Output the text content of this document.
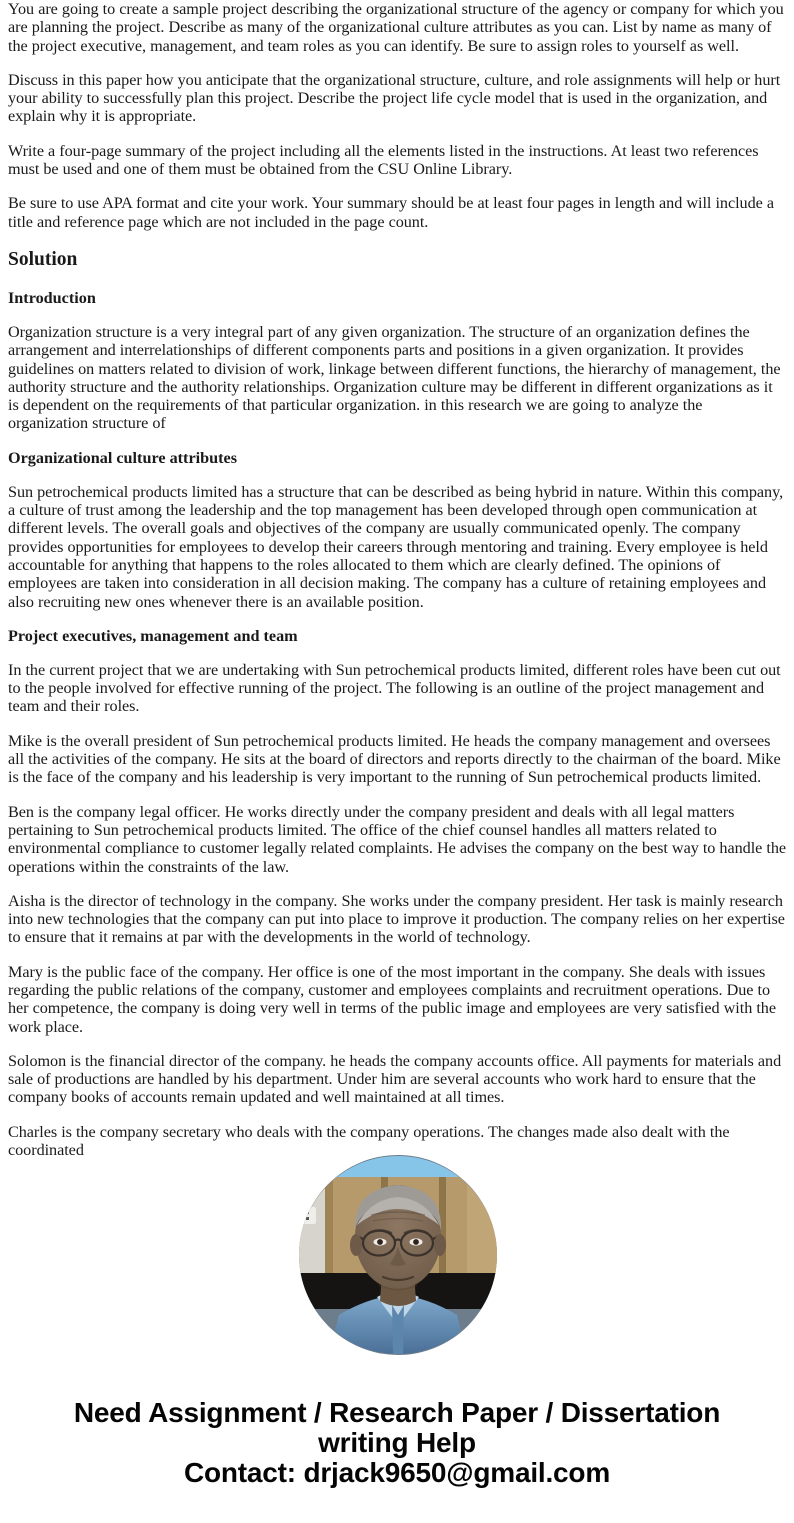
You are going to create a sample project describing the organizational structure of the agency or company for which you are planning the project. Describe as many of the organizational culture attributes as you can. List by name as many of the project executive, management, and team roles as you can identify. Be sure to assign roles to yourself as well.

Discuss in this paper how you anticipate that the organizational structure, culture, and role assignments will help or hurt your ability to successfully plan this project. Describe the project life cycle model that is used in the organization, and explain why it is appropriate.

Write a four-page summary of the project including all the elements listed in the instructions. At least two references must be used and one of them must be obtained from the CSU Online Library.

Be sure to use APA format and cite your work. Your summary should be at least four pages in length and will include a title and reference page which are not included in the page count.

Solution
Introduction

Organization structure is a very integral part of any given organization. The structure of an organization defines the arrangement and interrelationships of different components parts and positions in a given organization. It provides guidelines on matters related to division of work, linkage between different functions, the hierarchy of management, the authority structure and the authority relationships. Organization culture may be different in different organizations as it is dependent on the requirements of that particular organization. in this research we are going to analyze the organization structure of

Organizational culture attributes

Sun petrochemical products limited has a structure that can be described as being hybrid in nature. Within this company, a culture of trust among the leadership and the top management has been developed through open communication at different levels. The overall goals and objectives of the company are usually communicated openly. The company provides opportunities for employees to develop their careers through mentoring and training. Every employee is held accountable for anything that happens to the roles allocated to them which are clearly defined. The opinions of employees are taken into consideration in all decision making. The company has a culture of retaining employees and also recruiting new ones whenever there is an available position.

Project executives, management and team

In the current project that we are undertaking with Sun petrochemical products limited, different roles have been cut out to the people involved for effective running of the project. The following is an outline of the project management and team and their roles.

Mike is the overall president of Sun petrochemical products limited. He heads the company management and oversees all the activities of the company. He sits at the board of directors and reports directly to the chairman of the board. Mike is the face of the company and his leadership is very important to the running of Sun petrochemical products limited.

Ben is the company legal officer. He works directly under the company president and deals with all legal matters pertaining to Sun petrochemical products limited. The office of the chief counsel handles all matters related to environmental compliance to customer legally related complaints. He advises the company on the best way to handle the operations within the constraints of the law.

Aisha is the director of technology in the company. She works under the company president. Her task is mainly research into new technologies that the company can put into place to improve it production. The company relies on her expertise to ensure that it remains at par with the developments in the world of technology.

Mary is the public face of the company. Her office is one of the most important in the company. She deals with issues regarding the public relations of the company, customer and employees complaints and recruitment operations. Due to her competence, the company is doing very well in terms of the public image and employees are very satisfied with the work place.

Solomon is the financial director of the company. he heads the company accounts office. All payments for materials and sale of productions are handled by his department. Under him are several accounts who work hard to ensure that the company books of accounts remain updated and well maintained at all times.

Charles is the company secretary who deals with the company operations. The changes made also dealt with the coordinated

Need Assignment / Research Paper / Dissertation
writing Help
Contact: drjack9650@gmail.com
